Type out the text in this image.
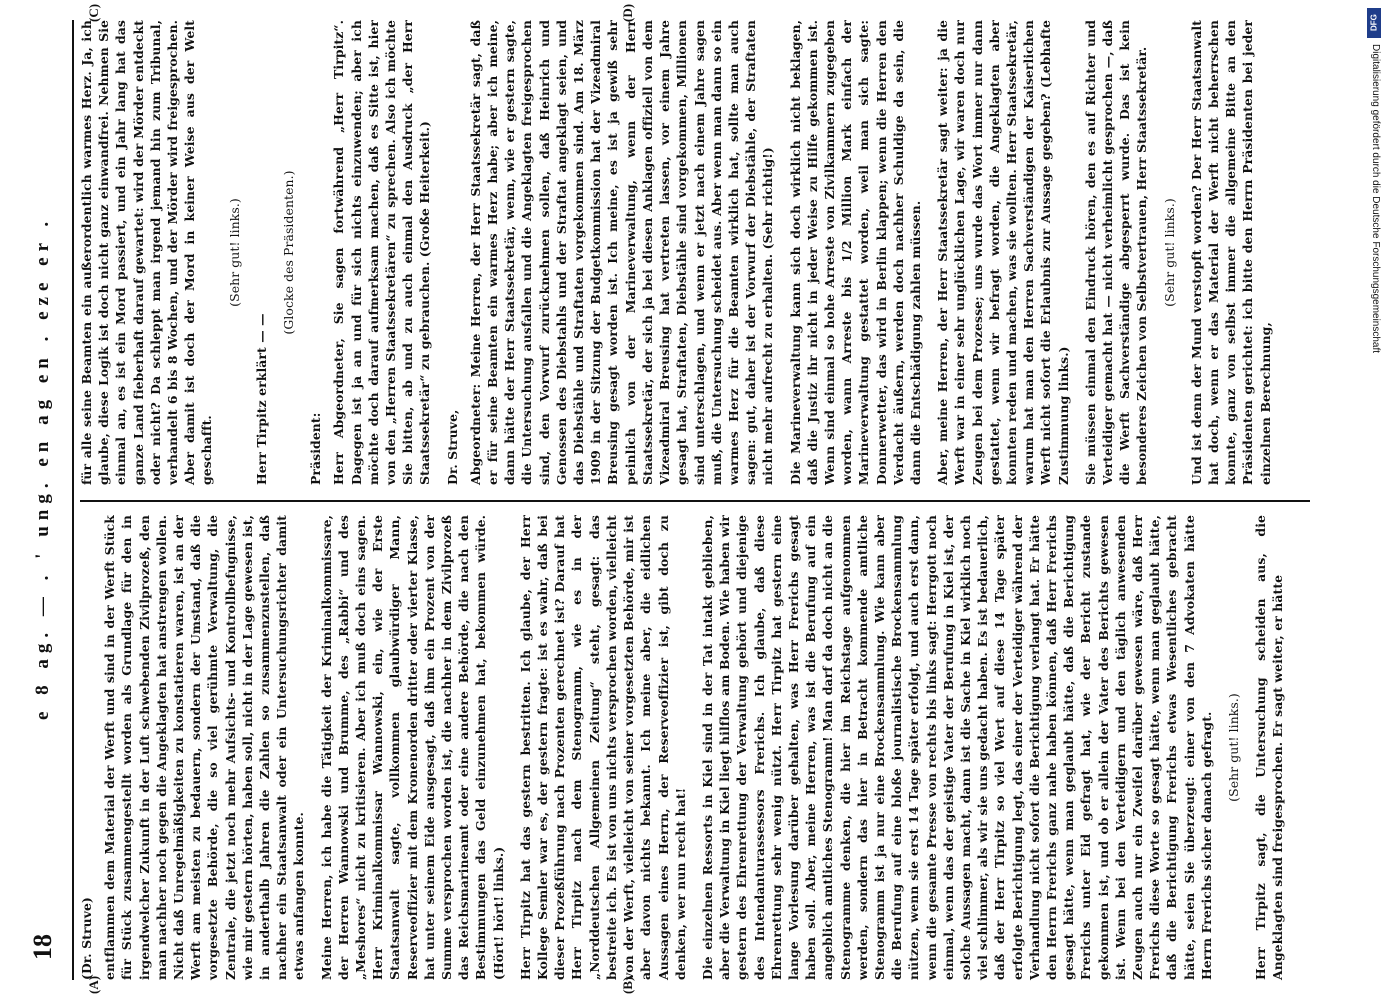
18
e 8 ag. — . ' ung. en ag en . eze er .
(A)	(B)
(C)	(D)

(Dr. Struve) entflammen dem Material der Werft und sind in der Werft Stück für Stück zusammengestellt worden als Grundlage für den in irgendwelcher Zukunft in der Luft schwebenden Zivilprozeß, den man nachher noch gegen die Angeklagten hat anstrengen wollen. Nicht daß Unregelmäßigkeiten zu konstatieren waren, ist an der Werft am meisten zu bedauern, sondern der Umstand, daß die vorgesetzte Behörde, die so viel gerühmte Verwaltung, die Zentrale, die jetzt noch mehr Aufsichts- und Kontrollbefugnisse, wie mir gestern hörten, haben soll, nicht in der Lage gewesen ist, in anderthalb Jahren die Zahlen so zusammenzustellen, daß nachher ein Staatsanwalt oder ein Untersuchungsrichter damit etwas anfangen konnte. Meine Herren, ich habe die Tätigkeit der Kriminalkommissare, der Herren Wannowski und Brumme, des „Rabbi“ und des „Meshores“ nicht zu kritisieren. Aber ich muß doch eins sagen. Herr Kriminalkommissar Wannowski, ein, wie der Erste Staatsanwalt sagte, vollkommen glaubwürdiger Mann, Reserveoffizier mit dem Kronenorden dritter oder vierter Klasse, hat unter seinem Eide ausgesagt, daß ihm ein Prozent von der Summe versprochen worden ist, die nachher in dem Zivilprozeß das Reichsmarineamt oder eine andere Behörde, die nach den Bestimmungen das Geld einzunehmen hat, bekommen würde. (Hört! hört! links.) Herr Tirpitz hat das gestern bestritten. Ich glaube, der Herr Kollege Semler war es, der gestern fragte: ist es wahr, daß bei dieser Prozeßführung nach Prozenten gerechnet ist? Darauf hat Herr Tirpitz nach dem Stenogramm, wie es in der „Norddeutschen Allgemeinen Zeitung“ steht, gesagt: das bestreite ich. Es ist von uns nichts versprochen worden, vielleicht von der Werft, vielleicht von seiner vorgesetzten Behörde, mir ist aber davon nichts bekannt. Ich meine aber, die eidlichen Aussagen eines Herrn, der Reserveoffizier ist, gibt doch zu denken, wer nun recht hat! Die einzelnen Ressorts in Kiel sind in der Tat intakt geblieben, aber die Verwaltung in Kiel liegt hilflos am Boden. Wie haben wir gestern des Ehrenrettung der Verwaltung gehört und diejenige des Intendanturassessors Frerichs. Ich glaube, daß diese Ehrenrettung sehr wenig nützt. Herr Tirpitz hat gestern eine lange Vorlesung darüber gehalten, was Herr Frerichs gesagt haben soll. Aber, meine Herren, was ist die Berufung auf ein angeblich amtliches Stenogramm! Man darf da doch nicht an die Stenogramme denken, die hier im Reichstage aufgenommen werden, sondern das hier in Betracht kommende amtliche Stenogramm ist ja nur eine Brockensammlung. Wie kann aber die Berufung auf eine bloße journalistische Brockensammlung nützen, wenn sie erst 14 Tage später erfolgt, und auch erst dann, wenn die gesamte Presse von rechts bis links sagt: Herrgott noch einmal, wenn das der geistige Vater der Berufung in Kiel ist, der solche Aussagen macht, dann ist die Sache in Kiel wirklich noch viel schlimmer, als wir sie uns gedacht haben. Es ist bedauerlich, daß der Herr Tirpitz so viel Wert auf diese 14 Tage später erfolgte Berichtigung legt, das einer der Verteidiger während der Verhandlung nicht sofort die Berichtigung verlangt hat. Er hätte den Herrn Frerichs ganz nahe haben können, daß Herr Frerichs gesagt hätte, wenn man geglaubt hätte, daß die Berichtigung Frerichs unter Eid gefragt hat, wie der Bericht zustande gekommen ist, und ob er allein der Vater des Berichts gewesen ist. Wenn bei den Verteidigern und den täglich anwesenden Zeugen auch nur ein Zweifel darüber gewesen wäre, daß Herr Frerichs diese Worte so gesagt hätte, wenn man geglaubt hätte, daß die Berichtigung Frerichs etwas Wesentliches gebracht hätte, seien Sie überzeugt: einer von den 7 Advokaten hätte Herrn Frerichs sicher danach gefragt. (Sehr gut! links.) Herr Tirpitz sagt, die Untersuchung scheiden aus, die Angeklagten sind freigesprochen. Er sagt weiter, er hätte

für alle seine Beamten ein außerordentlich warmes Herz. Ja, ich glaube, diese Logik ist doch nicht ganz einwandfrei. Nehmen Sie einmal an, es ist ein Mord passiert, und ein Jahr lang hat das ganze Land fieberhaft darauf gewartet: wird der Mörder entdeckt oder nicht? Da schleppt man irgend jemand hin zum Tribunal, verhandelt 6 bis 8 Wochen, und der Mörder wird freigesprochen. Aber damit ist doch der Mord in keiner Weise aus der Welt geschafft.

(Sehr gut! links.)

Herr Tirpitz erklärt — —

(Glocke des Präsidenten.)

Präsident: Herr Abgeordneter, Sie sagen fortwährend „Herr Tirpitz“. Dagegen ist ja an und für sich nichts einzuwenden; aber ich möchte doch darauf aufmerksam machen, daß es Sitte ist, hier von den „Herren Staatssekretären“ zu sprechen. Also ich möchte Sie bitten, ab und zu auch einmal den Ausdruck „der Herr Staatssekretär“ zu gebrauchen. (Große Heiterkeit.) Dr. Struve, Abgeordneter: Meine Herren, der Herr Staatssekretär sagt, daß er für seine Beamten ein warmes Herz habe; aber ich meine, dann hätte der Herr Staatssekretär, wenn, wie er gestern sagte, die Untersuchung ausfallen und die Angeklagten freigesprochen sind, den Vorwurf zurücknehmen sollen, daß Heinrich und Genossen des Diebstahls und der Straftat angeklagt seien, und das Diebstähle und Straftaten vorgekommen sind. Am 18. März 1909 in der Sitzung der Budgetkommission hat der Vizeadmiral Breusing gesagt worden ist. Ich meine, es ist ja gewiß sehr peinlich von der Marineverwaltung, wenn der Herr Staatssekretär, der sich ja bei diesen Anklagen offiziell von dem Vizeadmiral Breusing hat vertreten lassen, vor einem Jahre gesagt hat, Straftaten, Diebstähle sind vorgekommen, Millionen sind unterschlagen, und wenn er jetzt nach einem Jahre sagen muß, die Untersuchung scheidet aus. Aber wenn man dann so ein warmes Herz für die Beamten wirklich hat, sollte man auch sagen: gut, daher ist der Vorwurf der Diebstähle, der Straftaten nicht mehr aufrecht zu erhalten. (Sehr richtig!) Die Marineverwaltung kann sich doch wirklich nicht beklagen, daß die Justiz ihr nicht in jeder Weise zu Hilfe gekommen ist. Wenn sind einmal so hohe Arreste von Zivilkammern zugegeben worden, wann Arreste bis 1/2 Million Mark einfach der Marineverwaltung gestattet worden, weil man sich sagte: Donnerwetter, das wird in Berlin klappen; wenn die Herren den Verdacht äußern, werden doch nachher Schuldige da sein, die dann die Entschädigung zahlen müssen. Aber, meine Herren, der Herr Staatssekretär sagt weiter: ja die Werft war in einer sehr unglücklichen Lage, wir waren doch nur Zeugen bei dem Prozesse; uns wurde das Wort immer nur dann gestattet, wenn wir befragt worden, die Angeklagten aber konnten reden und machen, was sie wollten. Herr Staatssekretär, warum hat man den Herren Sachverständigen der Kaiserlichen Werft nicht sofort die Erlaubnis zur Aussage gegeben? (Lebhafte Zustimmung links.) Sie müssen einmal den Eindruck hören, den es auf Richter und Verteidiger gemacht hat — nicht verheimlicht gesprochen —, daß die Werft Sachverständige abgesperrt wurde. Das ist kein besonderes Zeichen von Selbstvertrauen, Herr Staatssekretär. (Sehr gut! links.) Und ist denn der Mund verstopft worden? Der Herr Staatsanwalt hat doch, wenn er das Material der Werft nicht beherrschen konnte, ganz von selbst immer die allgemeine Bitte an den Präsidenten gerichtet: ich bitte den Herrn Präsidenten bei jeder einzelnen Berechnung,

DFG
Digitalisierung gefördert durch die Deutsche Forschungsgemeinschaft
